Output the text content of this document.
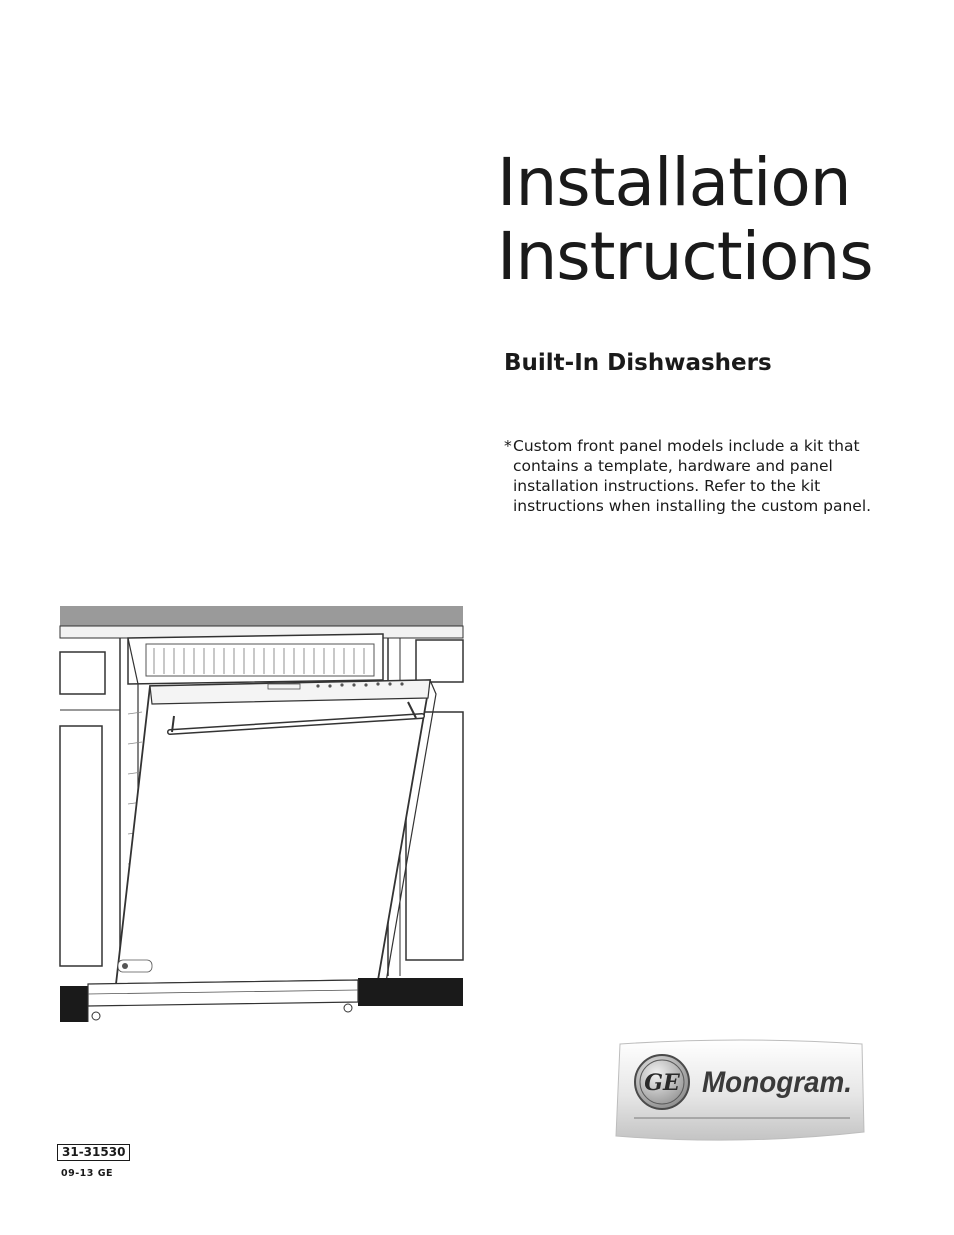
Installation
Instructions
Built-In Dishwashers
* Custom front panel models include a kit that contains a template, hardware and panel installation instructions. Refer to the kit instructions when installing the custom panel.
GE Monogram.
31-31530
09-13 GE
